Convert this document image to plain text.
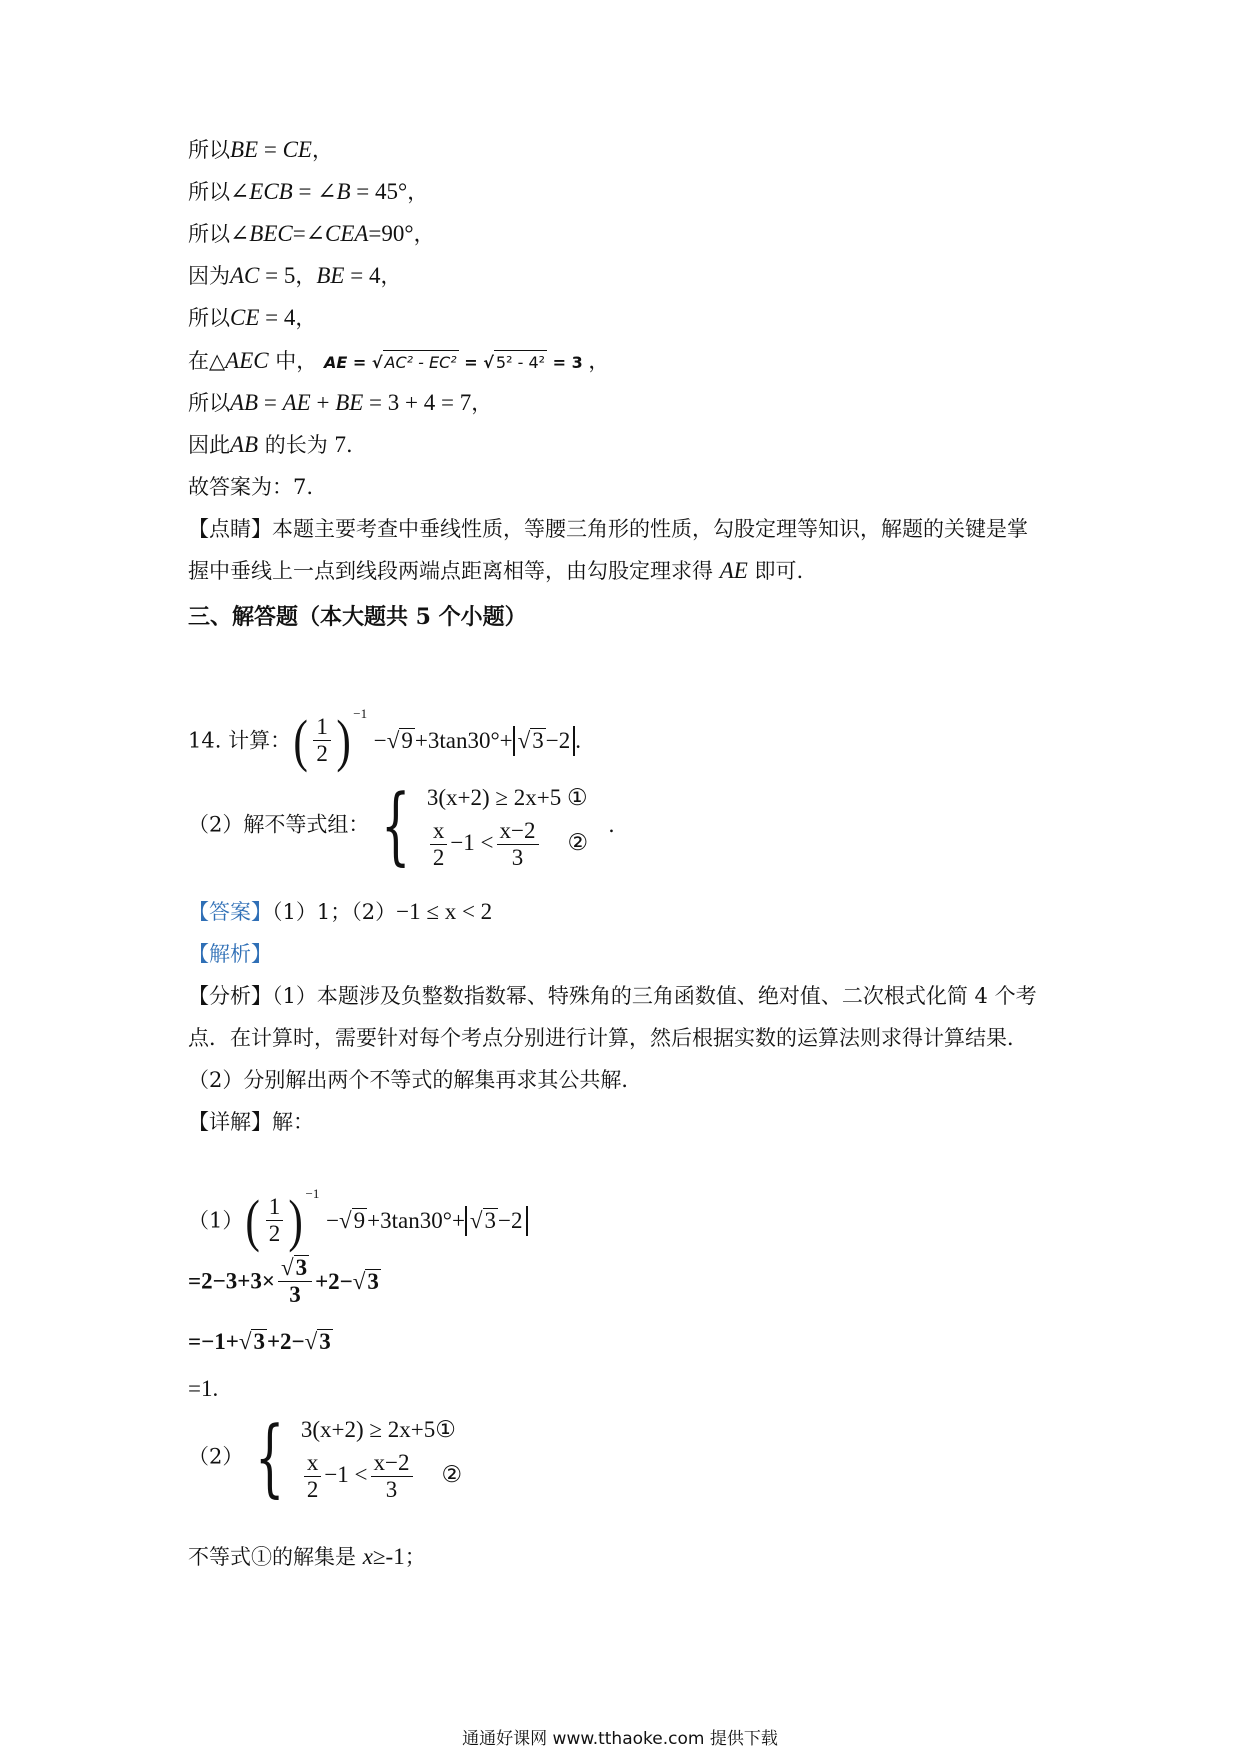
所以BE = CE，
所以∠ECB = ∠B = 45°，
所以∠BEC=∠CEA=90°，
因为AC = 5，BE = 4，
所以CE = 4，
在△AEC 中， AE = √ AC² - EC² = √ 5² - 4² = 3 ，
所以AB = AE + BE = 3 + 4 = 7，
因此AB 的长为 7.
故答案为：7.
【点睛】本题主要考查中垂线性质，等腰三角形的性质，勾股定理等知识，解题的关键是掌
握中垂线上一点到线段两端点距离相等，由勾股定理求得 AE 即可.
三、解答题（本大题共 5 个小题）
14. 计算：( $\frac{1}{2}$ ) $^{-1}$ −√9+3tan30°+ √3−2 .
（2）解不等式组： { 3(x+2) ≥ 2x+5 ①
$\frac{x}{2} -1 < \frac{x-2}{3}$ ②
.
【答案】（1）1；（2）−1 ≤ x < 2
【解析】
【分析】（1）本题涉及负整数指数幂、特殊角的三角函数值、绝对值、二次根式化简 4 个考
点．在计算时，需要针对每个考点分别进行计算，然后根据实数的运算法则求得计算结果．
（2）分别解出两个不等式的解集再求其公共解．
【详解】解：
$(1)( \frac{1}{2}$ ) $^{-1}$ −√9+3tan30°+ √3−2
$=2-3+3\times \frac{√3}{3} +2-√3$
=−1+√3+2−√3
=1.
（2） { 3(x+2) ≥ 2x+5①
$\frac{x}{2} -1 < \frac{x-2}{3}$ ②
不等式①的解集是 x≥-1；
通通好课网 www.tthaoke.com 提供下载
